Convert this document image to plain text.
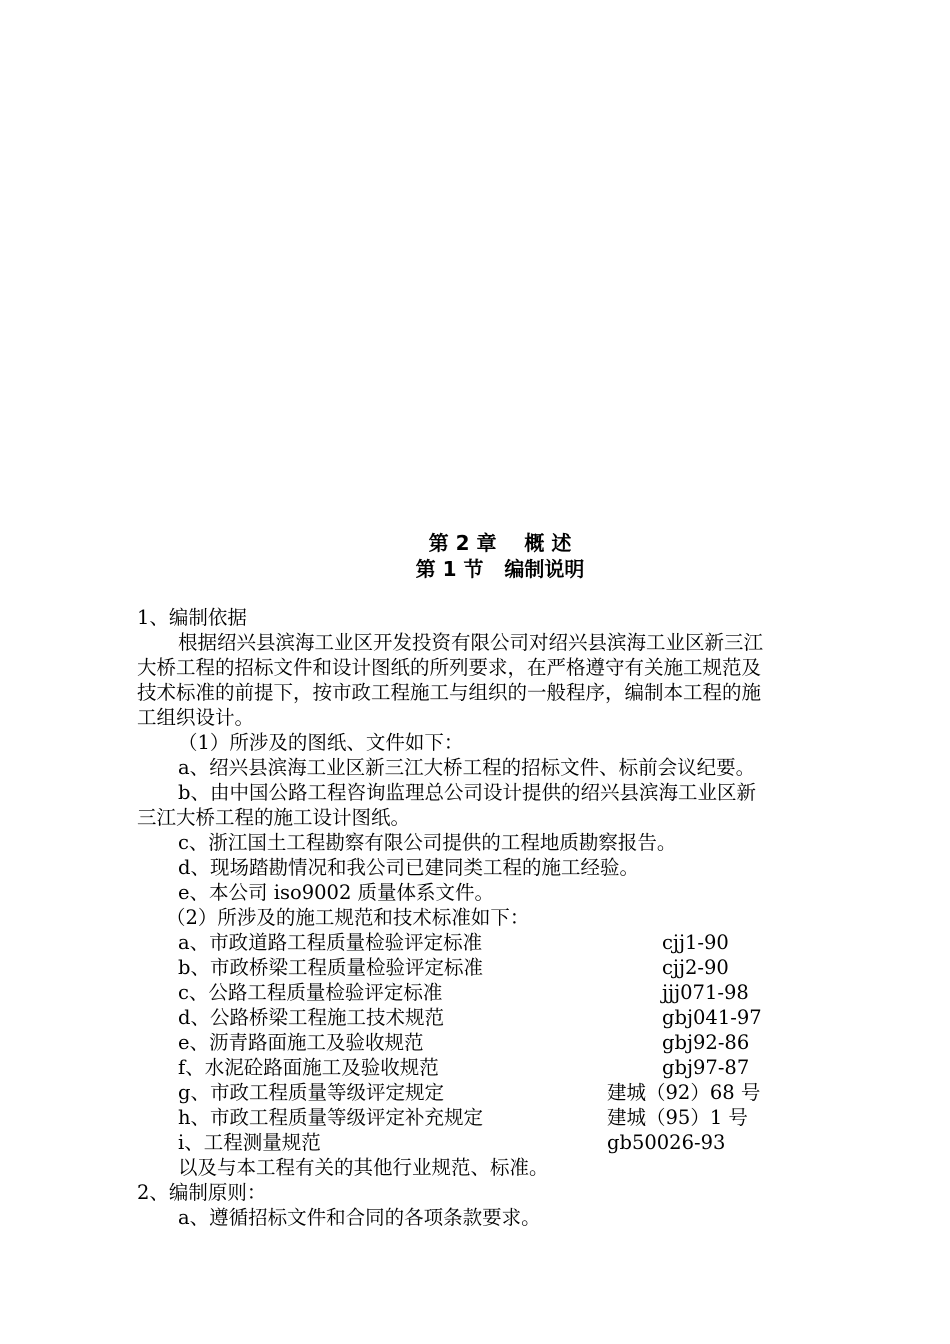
第 2 章    概 述
第 1 节   编制说明
1、编制依据
根据绍兴县滨海工业区开发投资有限公司对绍兴县滨海工业区新三江
大桥工程的招标文件和设计图纸的所列要求，在严格遵守有关施工规范及
技术标准的前提下，按市政工程施工与组织的一般程序，编制本工程的施
工组织设计。
（1）所涉及的图纸、文件如下：
a、绍兴县滨海工业区新三江大桥工程的招标文件、标前会议纪要。
b、由中国公路工程咨询监理总公司设计提供的绍兴县滨海工业区新
三江大桥工程的施工设计图纸。
c、浙江国土工程勘察有限公司提供的工程地质勘察报告。
d、现场踏勘情况和我公司已建同类工程的施工经验。
e、本公司 iso9002 质量体系文件。
（2）所涉及的施工规范和技术标准如下：
a、市政道路工程质量检验评定标准	cjj1-90
b、市政桥梁工程质量检验评定标准	cjj2-90
c、公路工程质量检验评定标准	jjj071-98
d、公路桥梁工程施工技术规范	gbj041-97
e、沥青路面施工及验收规范	gbj92-86
f、水泥砼路面施工及验收规范	gbj97-87
g、市政工程质量等级评定规定	建城（92）68 号
h、市政工程质量等级评定补充规定	建城（95）1 号
i、工程测量规范	gb50026-93
以及与本工程有关的其他行业规范、标准。
2、编制原则：
a、遵循招标文件和合同的各项条款要求。
